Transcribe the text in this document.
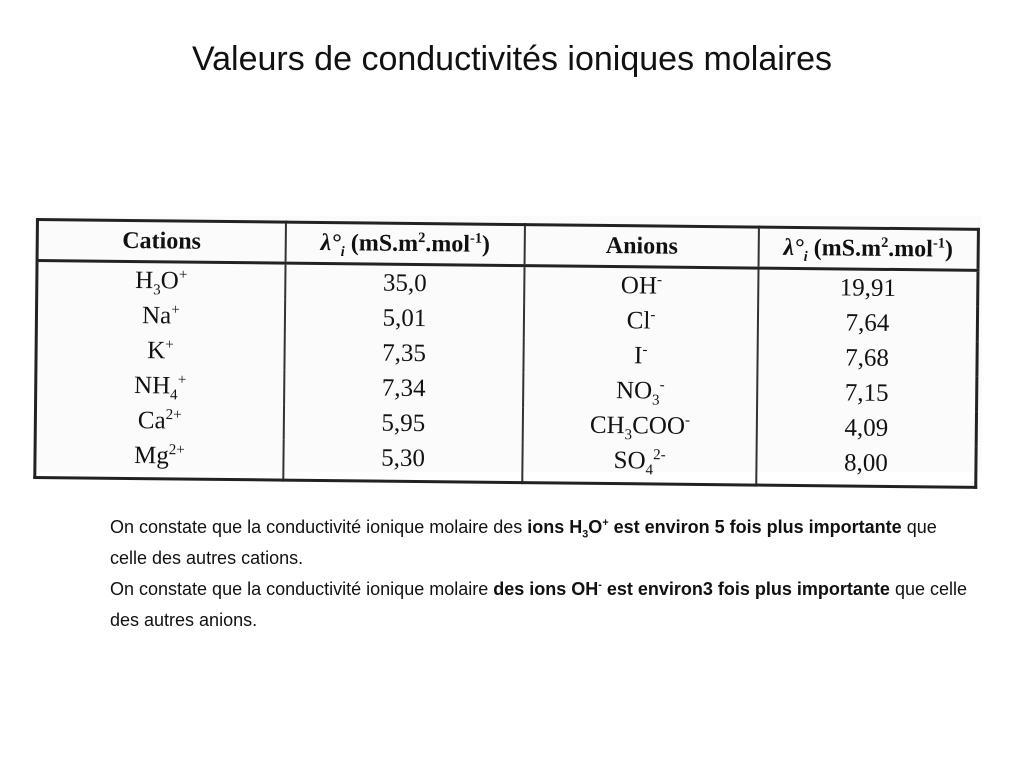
Valeurs de conductivités ioniques molaires
Cations	$\lambda^\circ_i$ $(mS.m^2.mol^{-1})$	Anions	$\lambda^\circ_i$ $(mS.m^2.mol^{-1})$
$H_3O^+$	35,0	OH-	19,91
Na+	5,01	Cl-	7,64
K+	7,35	I-	7,68
$NH_4^+$	7,34	$NO_3^-$	7,15
$Ca^{2+}$	5,95	$CH_3COO^-$	4,09
$Mg^{2+}$	5,30	$SO_4^{2-}$	8,00

On constate que la conductivité ionique molaire des ions $H_3O^+$ est environ 5 fois plus importante que celle des autres cations.

On constate que la conductivité ionique molaire des ions OH- est environ3 fois plus importante que celle des autres anions.
